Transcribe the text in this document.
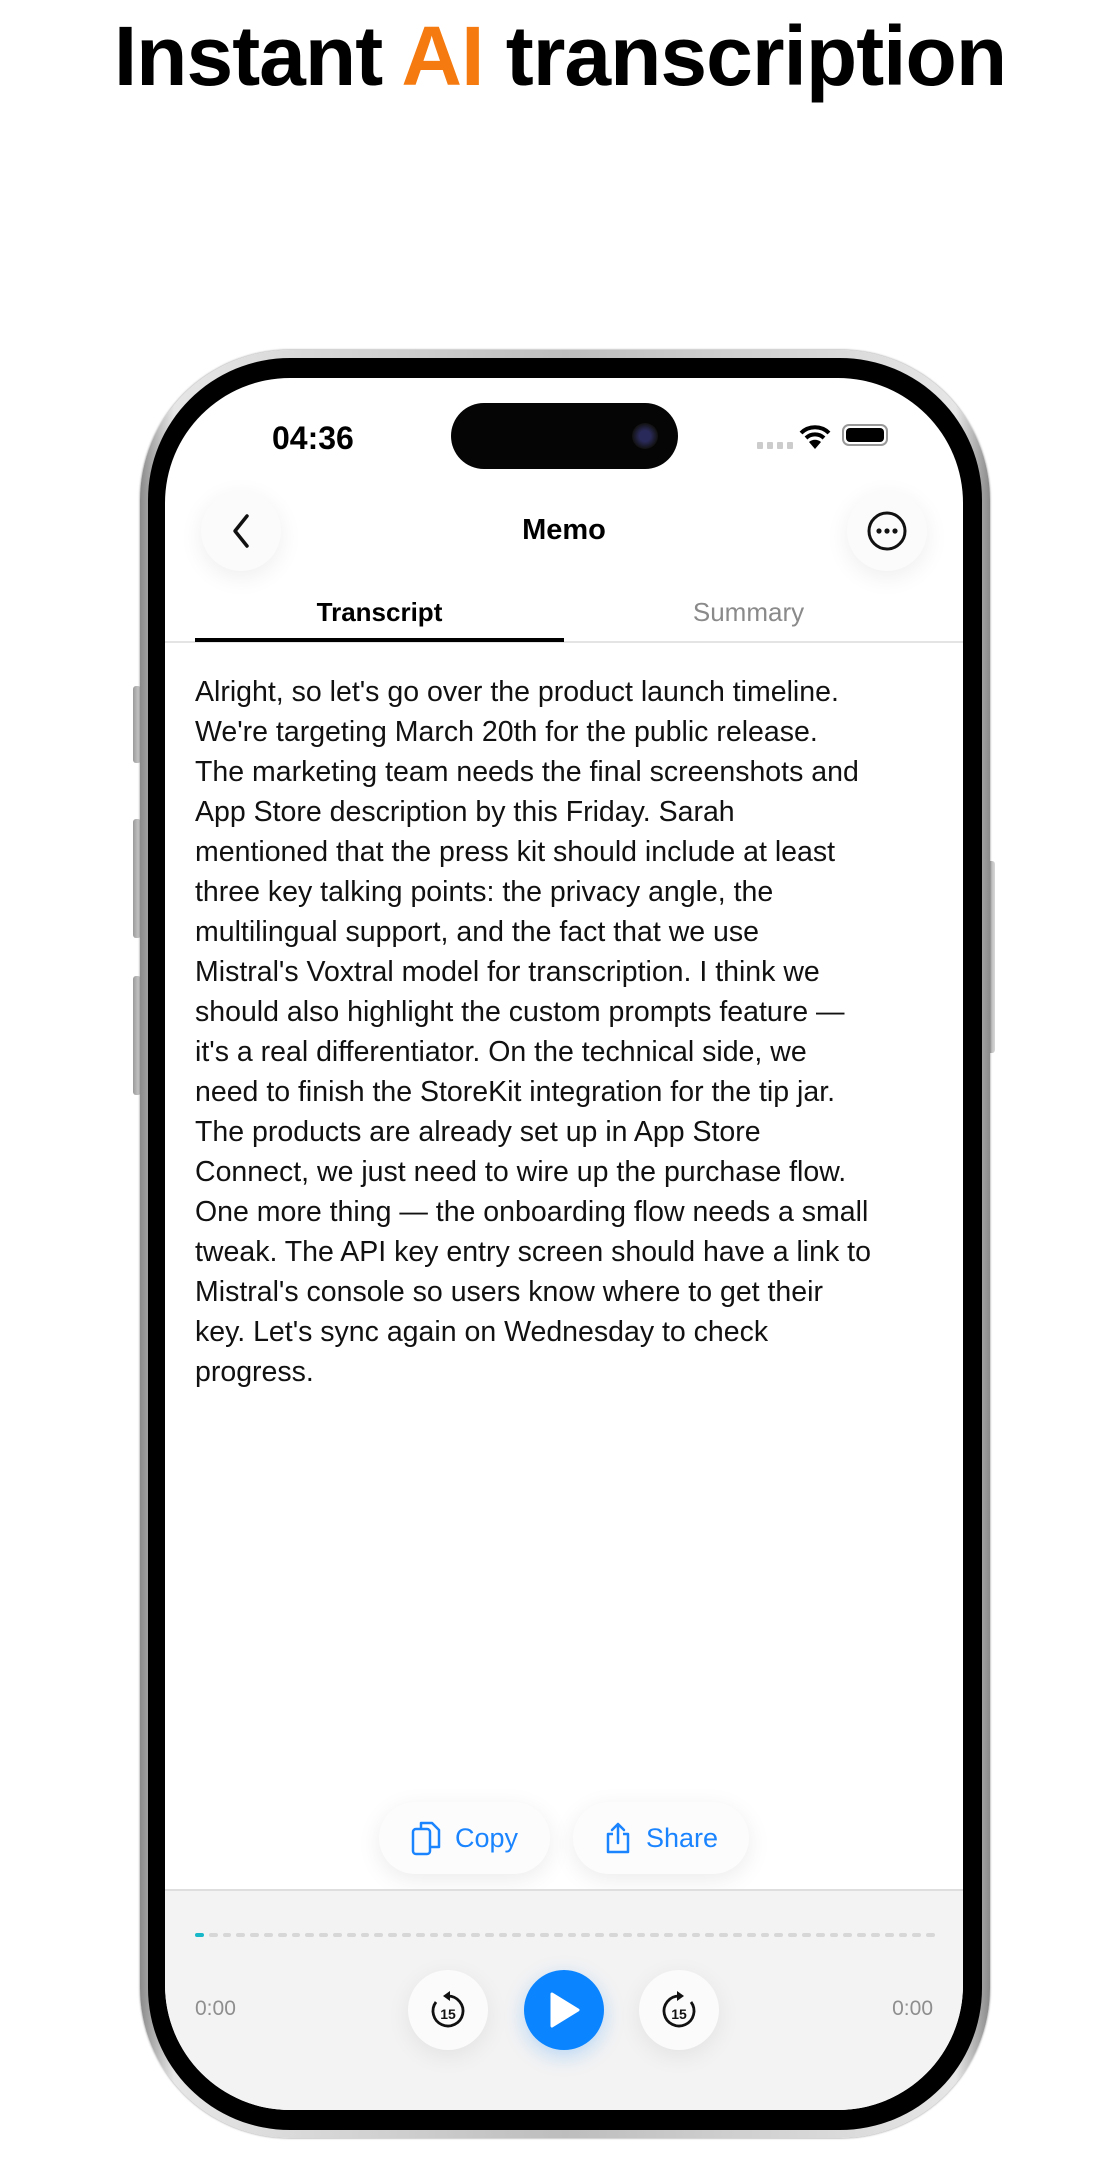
Instant AI transcription
04:36
Memo
Transcript	Summary
Alright, so let's go over the product launch timeline.
We're targeting March 20th for the public release.
The marketing team needs the final screenshots and
App Store description by this Friday. Sarah
mentioned that the press kit should include at least
three key talking points: the privacy angle, the
multilingual support, and the fact that we use
Mistral's Voxtral model for transcription. I think we
should also highlight the custom prompts feature —
it's a real differentiator. On the technical side, we
need to finish the StoreKit integration for the tip jar.
The products are already set up in App Store
Connect, we just need to wire up the purchase flow.
One more thing — the onboarding flow needs a small
tweak. The API key entry screen should have a link to
Mistral's console so users know where to get their
key. Let's sync again on Wednesday to check
progress.
Copy	Share
0:00	0:00
15	15
